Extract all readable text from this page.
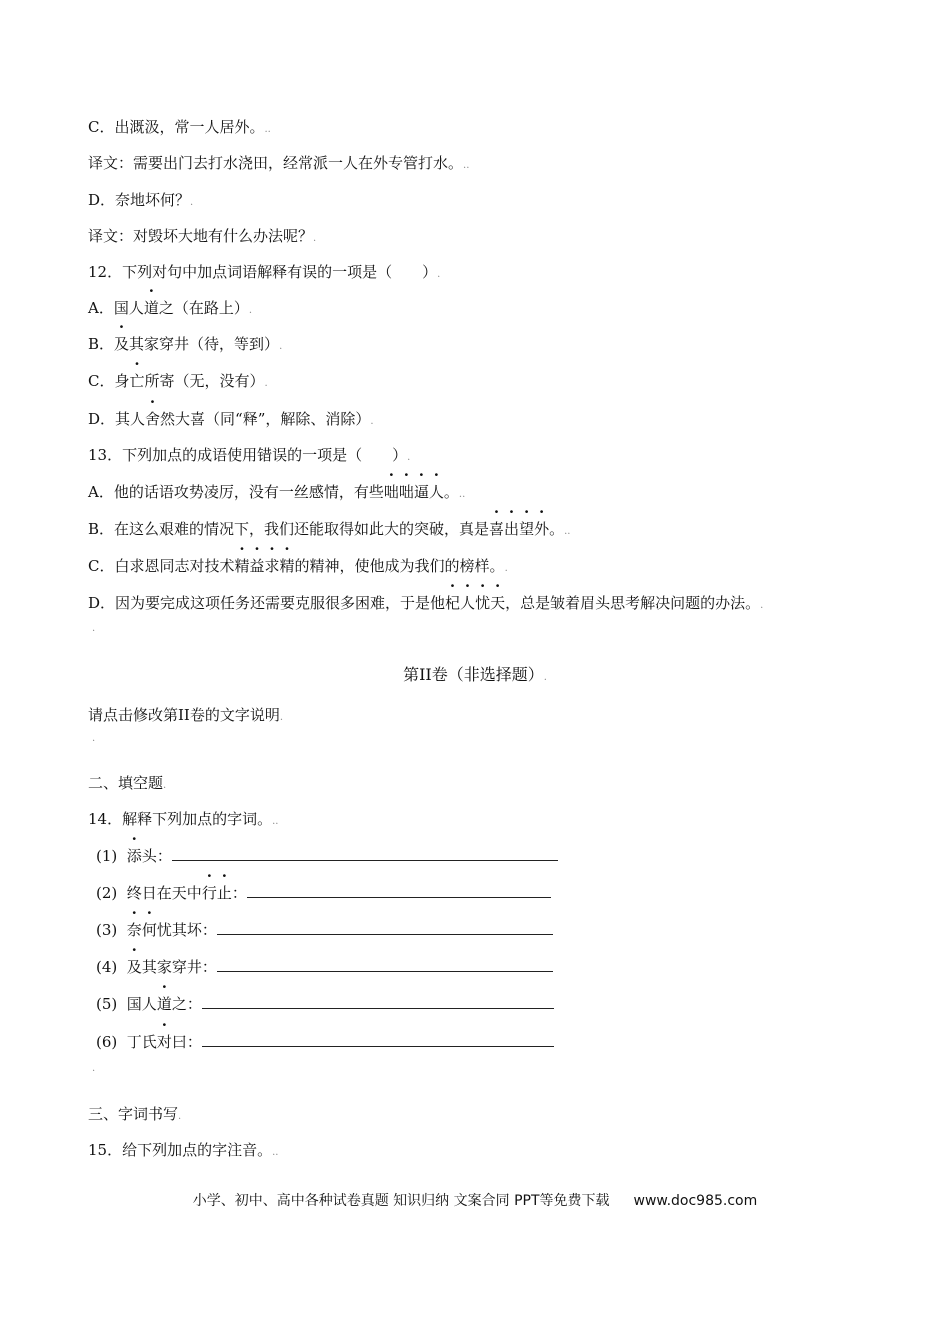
C．出溉汲，常一人居外。..
译文：需要出门去打水浇田，经常派一人在外专管打水。..
D．奈地坏何？.
译文：对毁坏大地有什么办法呢？.
12．下列对句中加点词语解释有误的一项是（　　）.
A．国人道之（在路上）.
B．及其家穿井（待，等到）.
C．身亡所寄（无，没有）.
D．其人舍然大喜（同“释”，解除、消除）.
13．下列加点的成语使用错误的一项是（　　）.
A．他的话语攻势凌厉，没有一丝感情，有些咄咄逼人。..
B．在这么艰难的情况下，我们还能取得如此大的突破，真是喜出望外。..
C．白求恩同志对技术精益求精的精神，使他成为我们的榜样。.
D．因为要完成这项任务还需要克服很多困难，于是他杞人忧天，总是皱着眉头思考解决问题的办法。.
.
第II卷（非选择题）.
请点击修改第II卷的文字说明.
.
二、填空题.
14．解释下列加点的字词。..
(1) 添头：
(2) 终日在天中行止：
(3) 奈何忧其坏：
(4) 及其家穿井：
(5) 国人道之：
(6) 丁氏对曰：
.
三、字词书写.
15．给下列加点的字注音。..
小学、初中、高中各种试卷真题 知识归纳 文案合同 PPT等免费下载 www.doc985.com
